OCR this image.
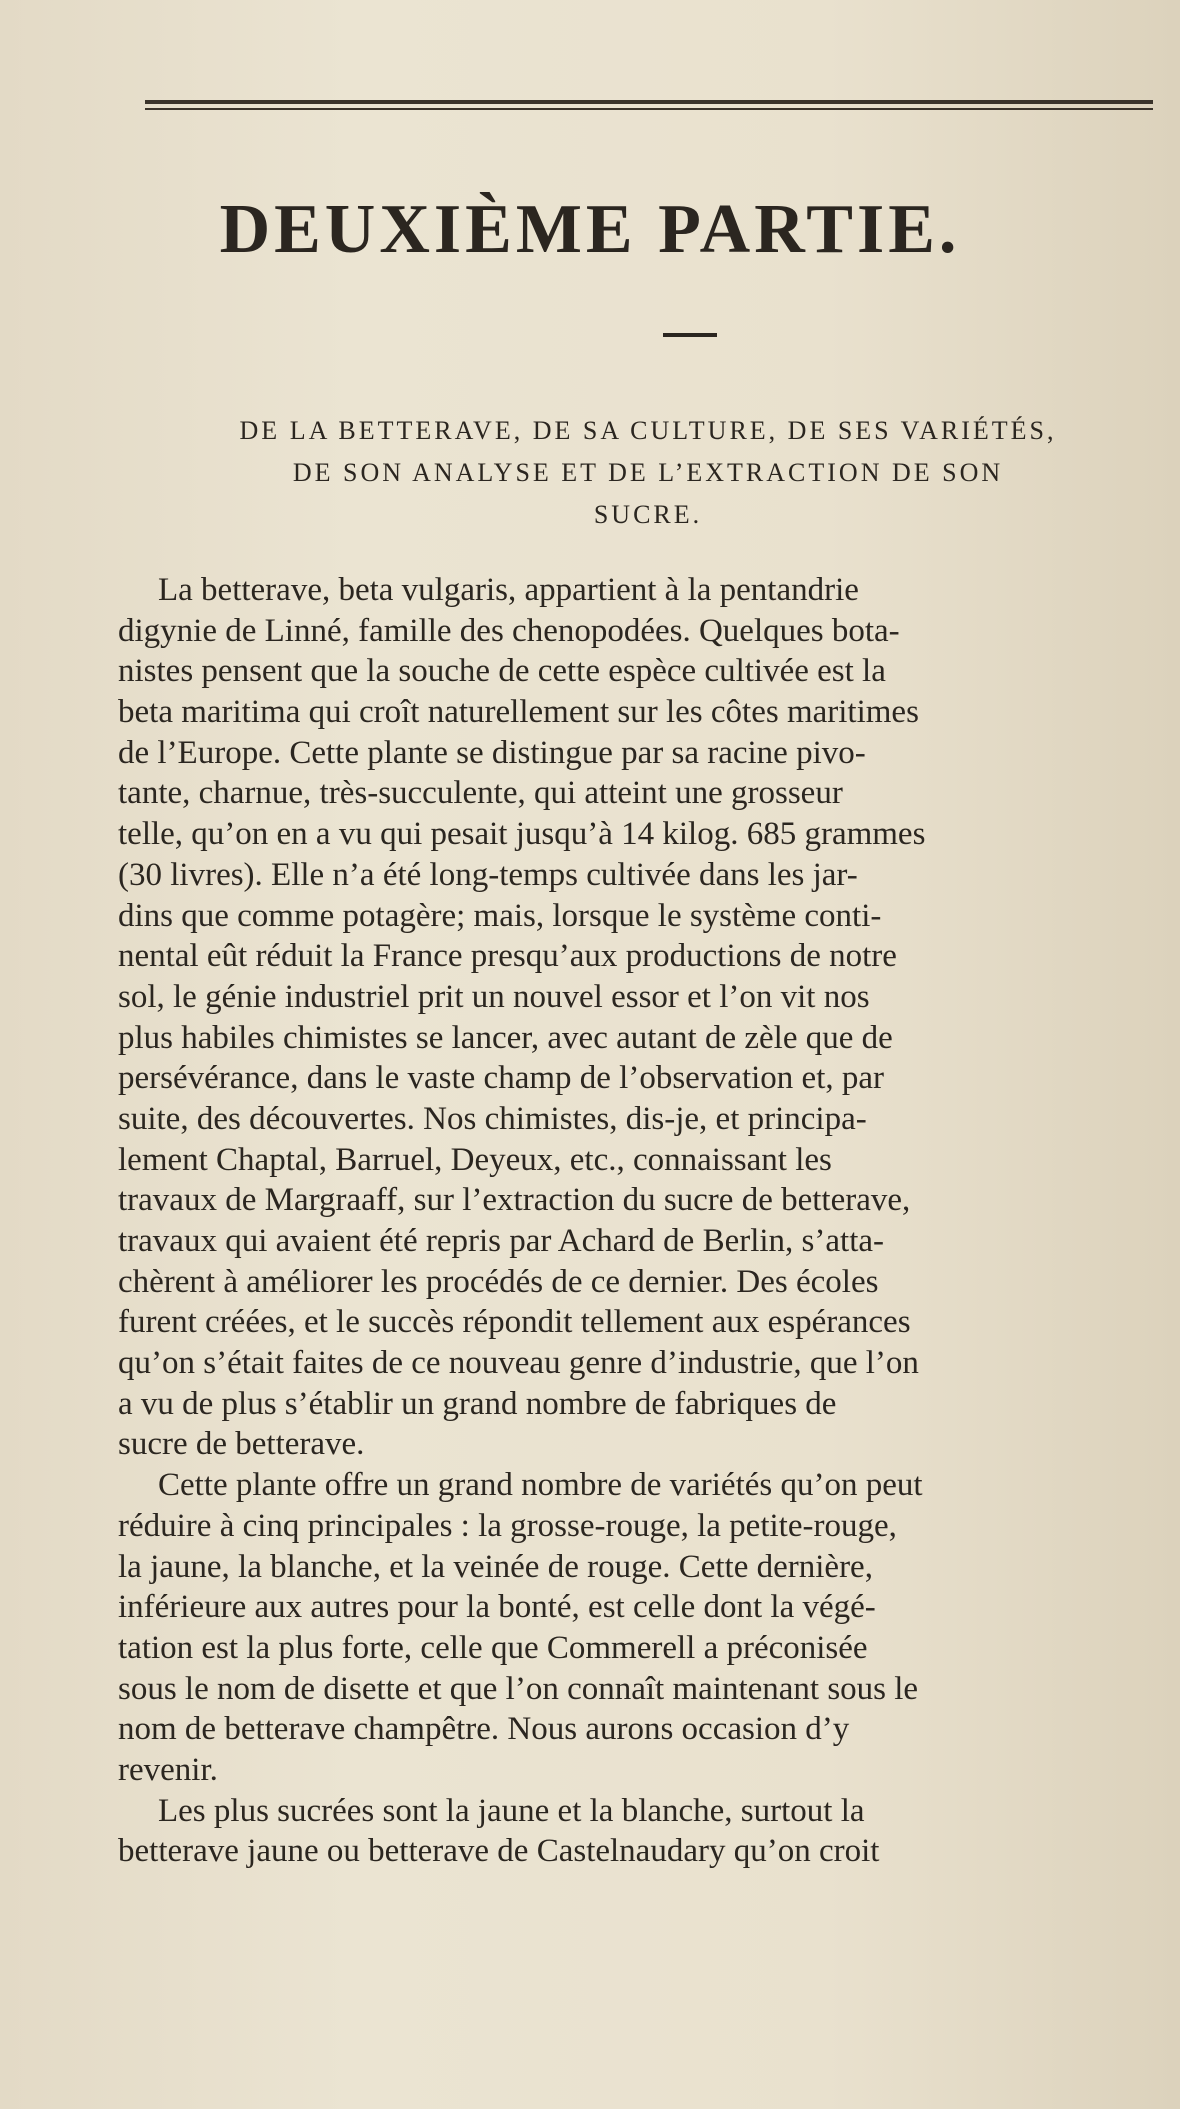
DEUXIÈME PARTIE.
DE LA BETTERAVE, DE SA CULTURE, DE SES VARIÉTÉS,
DE SON ANALYSE ET DE L’EXTRACTION DE SON
SUCRE.
La betterave, beta vulgaris, appartient à la pentandrie
digynie de Linné, famille des chenopodées. Quelques bota-
nistes pensent que la souche de cette espèce cultivée est la
beta maritima qui croît naturellement sur les côtes maritimes
de l’Europe. Cette plante se distingue par sa racine pivo-
tante, charnue, très-succulente, qui atteint une grosseur
telle, qu’on en a vu qui pesait jusqu’à 14 kilog. 685 grammes
(30 livres). Elle n’a été long-temps cultivée dans les jar-
dins que comme potagère; mais, lorsque le système conti-
nental eût réduit la France presqu’aux productions de notre
sol, le génie industriel prit un nouvel essor et l’on vit nos
plus habiles chimistes se lancer, avec autant de zèle que de
persévérance, dans le vaste champ de l’observation et, par
suite, des découvertes. Nos chimistes, dis-je, et principa-
lement Chaptal, Barruel, Deyeux, etc., connaissant les
travaux de Margraaff, sur l’extraction du sucre de betterave,
travaux qui avaient été repris par Achard de Berlin, s’atta-
chèrent à améliorer les procédés de ce dernier. Des écoles
furent créées, et le succès répondit tellement aux espérances
qu’on s’était faites de ce nouveau genre d’industrie, que l’on
a vu de plus s’établir un grand nombre de fabriques de
sucre de betterave.
Cette plante offre un grand nombre de variétés qu’on peut
réduire à cinq principales : la grosse-rouge, la petite-rouge,
la jaune, la blanche, et la veinée de rouge. Cette dernière,
inférieure aux autres pour la bonté, est celle dont la végé-
tation est la plus forte, celle que Commerell a préconisée
sous le nom de disette et que l’on connaît maintenant sous le
nom de betterave champêtre. Nous aurons occasion d’y
revenir.
Les plus sucrées sont la jaune et la blanche, surtout la
betterave jaune ou betterave de Castelnaudary qu’on croit
